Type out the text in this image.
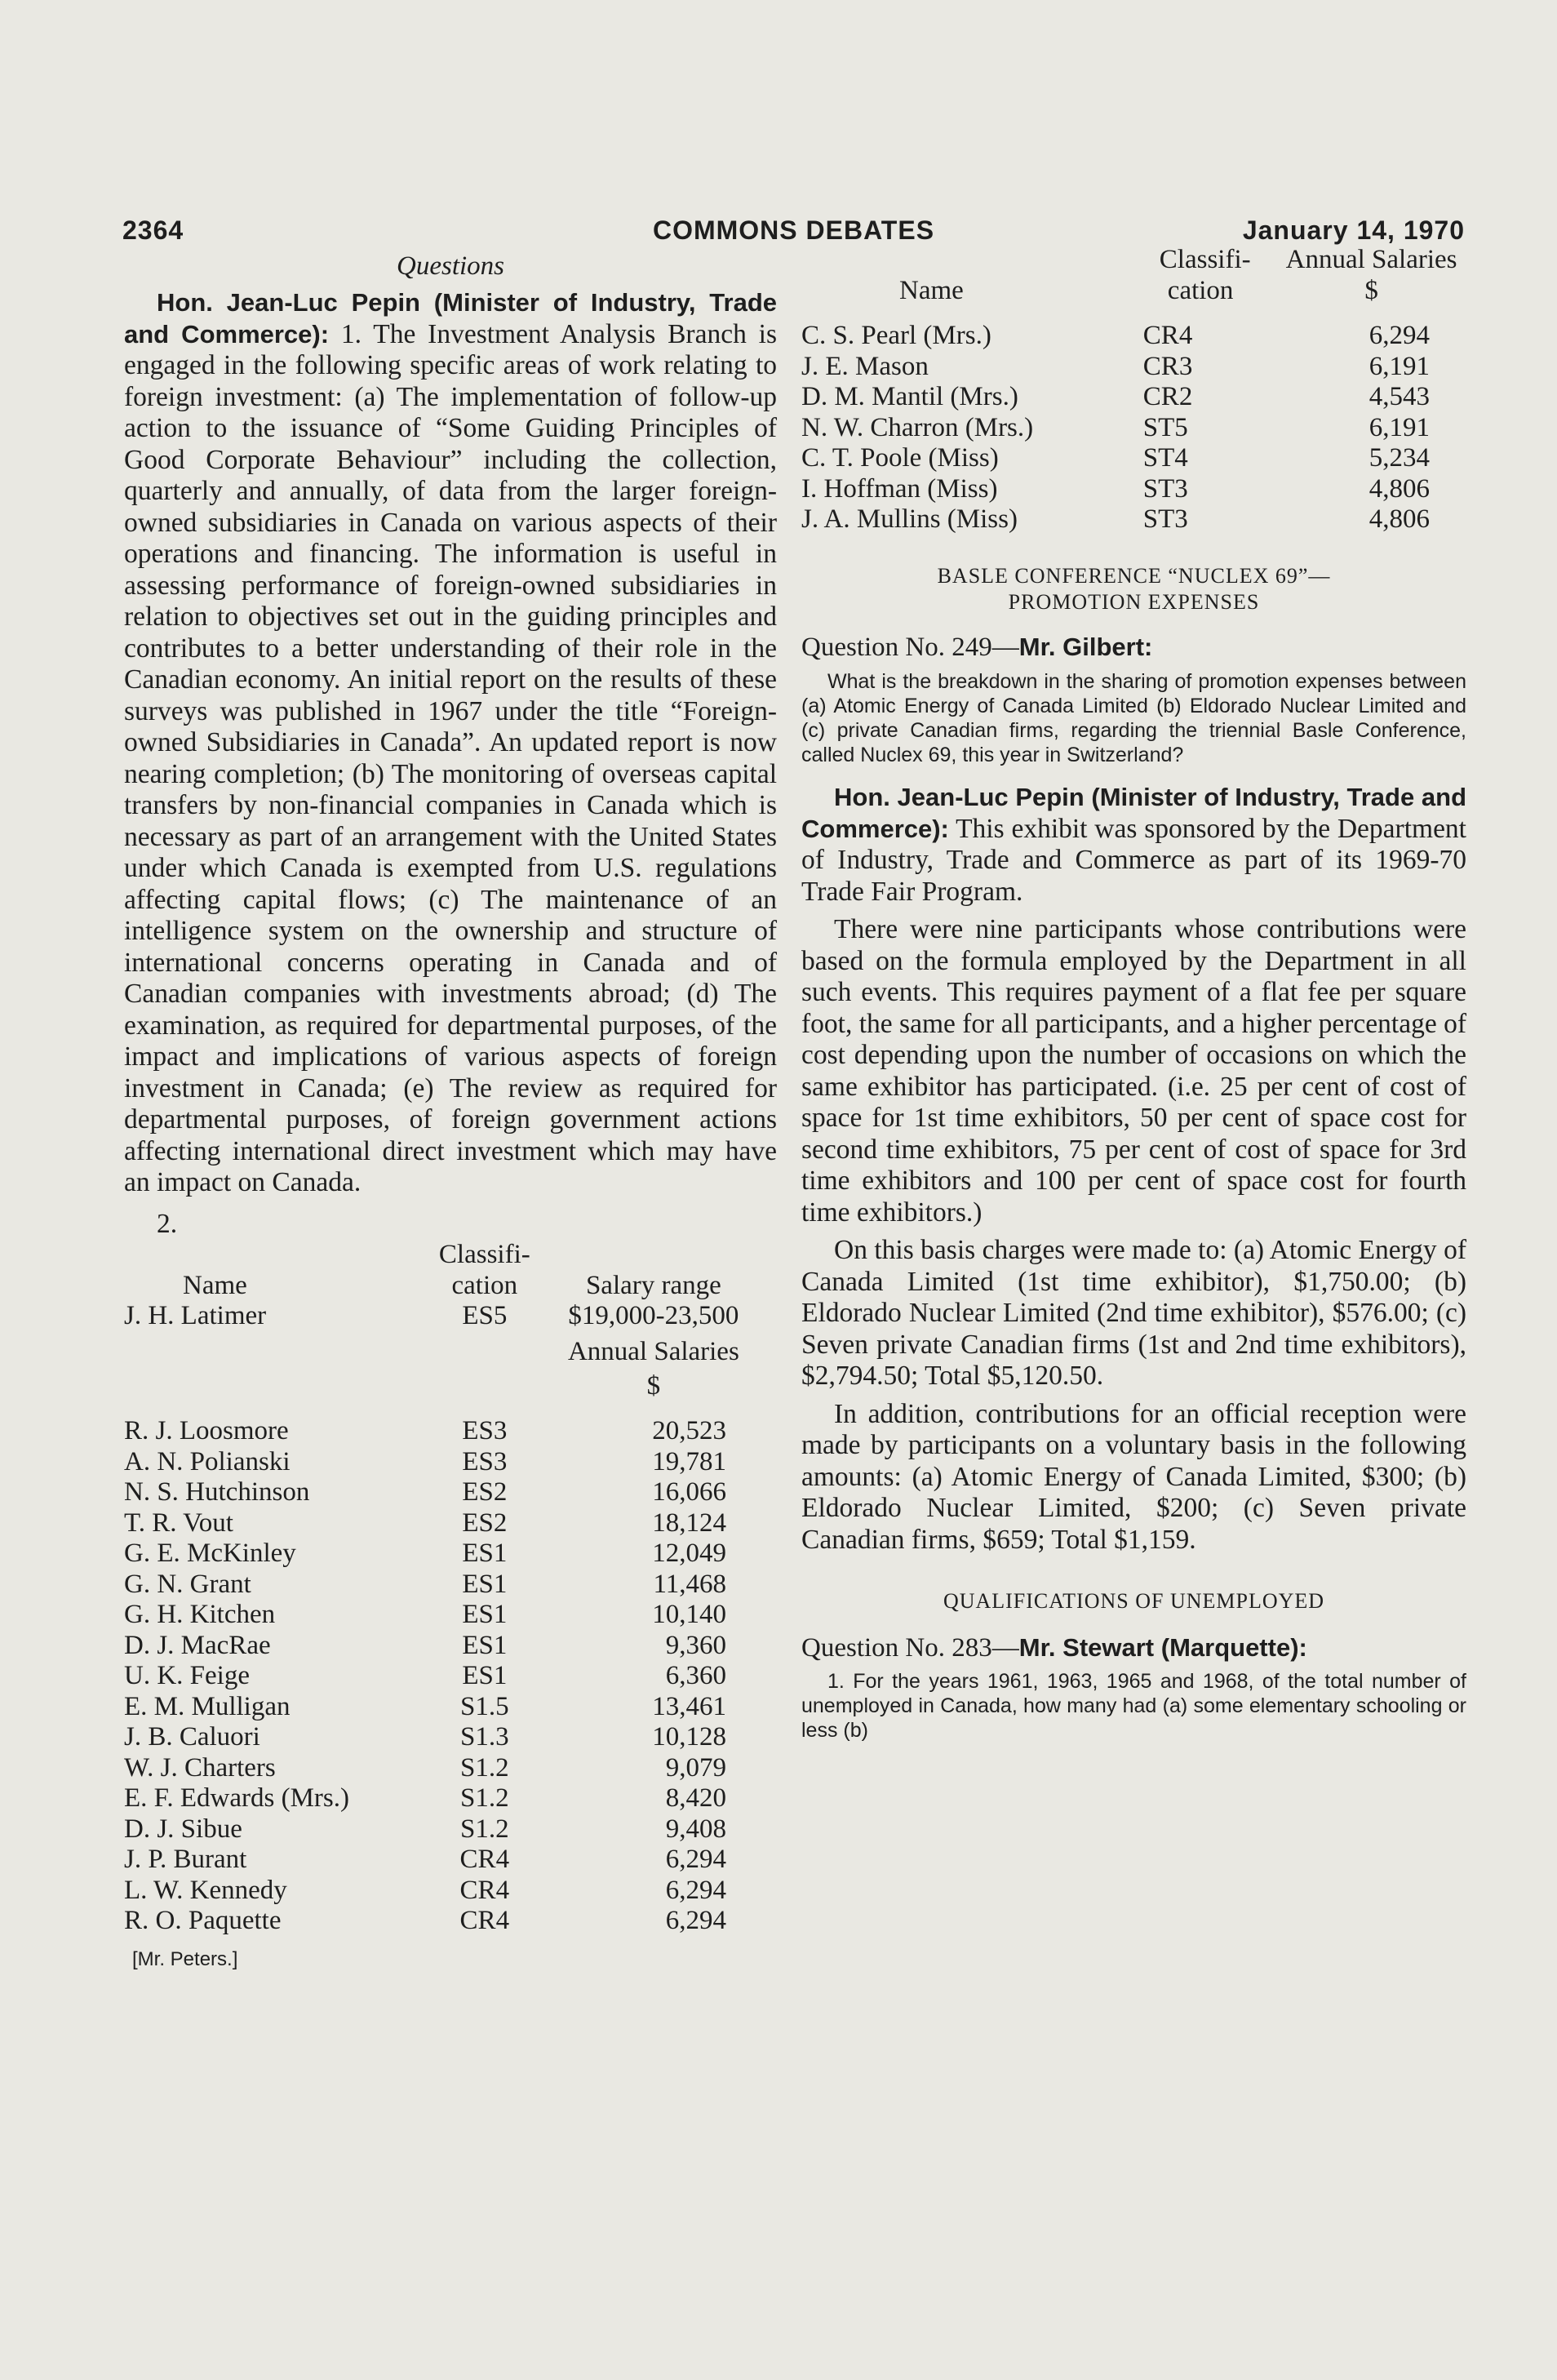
2364	COMMONS DEBATES	January 14, 1970

Questions

Hon. Jean-Luc Pepin (Minister of Industry, Trade and Commerce): 1. The Investment Analysis Branch is engaged in the following specific areas of work relating to foreign investment: (a) The implementation of follow-up action to the issuance of “Some Guiding Principles of Good Corporate Behaviour” including the collection, quarterly and annually, of data from the larger foreign-owned subsidiaries in Canada on various aspects of their operations and financing. The information is useful in assessing performance of foreign-owned subsidiaries in relation to objectives set out in the guiding principles and contributes to a better understanding of their role in the Canadian economy. An initial report on the results of these surveys was published in 1967 under the title “Foreign-owned Subsidiaries in Canada”. An updated report is now nearing completion; (b) The monitoring of overseas capital transfers by non-financial companies in Canada which is necessary as part of an arrangement with the United States under which Canada is exempted from U.S. regulations affecting capital flows; (c) The maintenance of an intelligence system on the ownership and structure of international concerns operating in Canada and of Canadian companies with investments abroad; (d) The examination, as required for departmental purposes, of the impact and implications of various aspects of foreign investment in Canada; (e) The review as required for departmental purposes, of foreign government actions affecting international direct investment which may have an impact on Canada.

2.

	Classifi-	
Name	cation	Salary range
J. H. Latimer	ES5	$19,000-23,500
		Annual Salaries
		$
R. J. Loosmore	ES3	20,523
A. N. Polianski	ES3	19,781
N. S. Hutchinson	ES2	16,066
T. R. Vout	ES2	18,124
G. E. McKinley	ES1	12,049
G. N. Grant	ES1	11,468
G. H. Kitchen	ES1	10,140
D. J. MacRae	ES1	9,360
U. K. Feige	ES1	6,360
E. M. Mulligan	S1.5	13,461
J. B. Caluori	S1.3	10,128
W. J. Charters	S1.2	9,079
E. F. Edwards (Mrs.)	S1.2	8,420
D. J. Sibue	S1.2	9,408
J. P. Burant	CR4	6,294
L. W. Kennedy	CR4	6,294
R. O. Paquette	CR4	6,294
[Mr. Peters.]
	Classifi-	Annual Salaries
Name	cation	$
C. S. Pearl (Mrs.)	CR4	6,294
J. E. Mason	CR3	6,191
D. M. Mantil (Mrs.)	CR2	4,543
N. W. Charron (Mrs.)	ST5	6,191
C. T. Poole (Miss)	ST4	5,234
I. Hoffman (Miss)	ST3	4,806
J. A. Mullins (Miss)	ST3	4,806

BASLE CONFERENCE “NUCLEX 69”—

PROMOTION EXPENSES

Question No. 249—Mr. Gilbert:

What is the breakdown in the sharing of promotion expenses between (a) Atomic Energy of Canada Limited (b) Eldorado Nuclear Limited and (c) private Canadian firms, regarding the triennial Basle Conference, called Nuclex 69, this year in Switzerland?

Hon. Jean-Luc Pepin (Minister of Industry, Trade and Commerce): This exhibit was sponsored by the Department of Industry, Trade and Commerce as part of its 1969-70 Trade Fair Program.

There were nine participants whose contributions were based on the formula employed by the Department in all such events. This requires payment of a flat fee per square foot, the same for all participants, and a higher percentage of cost depending upon the number of occasions on which the same exhibitor has participated. (i.e. 25 per cent of cost of space for 1st time exhibitors, 50 per cent of space cost for second time exhibitors, 75 per cent of cost of space for 3rd time exhibitors and 100 per cent of space cost for fourth time exhibitors.)

On this basis charges were made to: (a) Atomic Energy of Canada Limited (1st time exhibitor), $1,750.00; (b) Eldorado Nuclear Limited (2nd time exhibitor), $576.00; (c) Seven private Canadian firms (1st and 2nd time exhibitors), $2,794.50; Total $5,120.50.

In addition, contributions for an official reception were made by participants on a voluntary basis in the following amounts: (a) Atomic Energy of Canada Limited, $300; (b) Eldorado Nuclear Limited, $200; (c) Seven private Canadian firms, $659; Total $1,159.

QUALIFICATIONS OF UNEMPLOYED

Question No. 283—Mr. Stewart (Marquette):

1. For the years 1961, 1963, 1965 and 1968, of the total number of unemployed in Canada, how many had (a) some elementary schooling or less (b)
